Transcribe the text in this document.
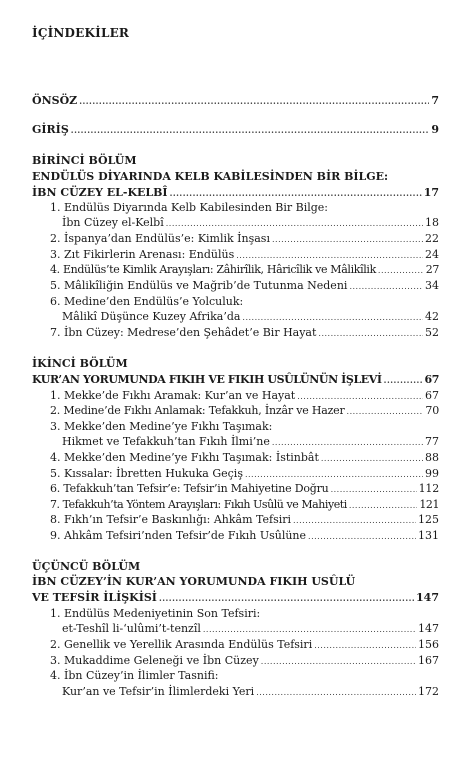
İÇİNDEKİLER
ÖNSÖZ .....	7
GİRİŞ .....	9
BİRİNCİ BÖLÜM
ENDÜLÜS DİYARINDA KELB KABİLESİNDEN BİR BİLGE:
İBN CÜZEY EL-KELBÎ .....	17
1. Endülüs Diyarında Kelb Kabilesinden Bir Bilge:
İbn Cüzey el-Kelbî .....	18
2. İspanya’dan Endülüs’e: Kimlik İnşası .....	22
3. Zıt Fikirlerin Arenası: Endülüs .....	24
4. Endülüs’te Kimlik Arayışları: Zâhirîlik, Hâricîlik ve Mâlikîlik .....	27
5. Mâlikîliğin Endülüs ve Mağrib’de Tutunma Nedeni .....	34
6. Medine’den Endülüs’e Yolculuk:
Mâlikî Düşünce Kuzey Afrika’da .....	42
7. İbn Cüzey: Medrese’den Şehâdet’e Bir Hayat .....	52
İKİNCİ BÖLÜM
KUR’AN YORUMUNDA FIKIH VE FIKIH USÛLÜNÜN İŞLEVİ .....	67
1. Mekke’de Fıkhı Aramak: Kur’an ve Hayat .....	67
2. Medine’de Fıkhı Anlamak: Tefakkuh, İnzâr ve Hazer .....	70
3. Mekke’den Medine’ye Fıkhı Taşımak:
Hikmet ve Tefakkuh’tan Fıkıh İlmi’ne .....	77
4. Mekke’den Medine’ye Fıkhı Taşımak: İstinbât .....	88
5. Kıssalar: İbretten Hukuka Geçiş .....	99
6. Tefakkuh’tan Tefsir’e: Tefsir’in Mahiyetine Doğru .....	112
7. Tefakkuh’ta Yöntem Arayışları: Fıkıh Usûlü ve Mahiyeti .....	121
8. Fıkh’ın Tefsir’e Baskınlığı: Ahkâm Tefsiri .....	125
9. Ahkâm Tefsiri’nden Tefsir’de Fıkıh Usûlüne .....	131
ÜÇÜNCÜ BÖLÜM
İBN CÜZEY’İN KUR’AN YORUMUNDA FIKIH USÛLÜ
VE TEFSİR İLİŞKİSİ .....	147
1. Endülüs Medeniyetinin Son Tefsiri:
et-Teshîl li-‘ulûmi’t-tenzîl .....	147
2. Genellik ve Yerellik Arasında Endülüs Tefsiri .....	156
3. Mukaddime Geleneği ve İbn Cüzey .....	167
4. İbn Cüzey’in İlimler Tasnifi:
Kur’an ve Tefsir’in İlimlerdeki Yeri .....	172
